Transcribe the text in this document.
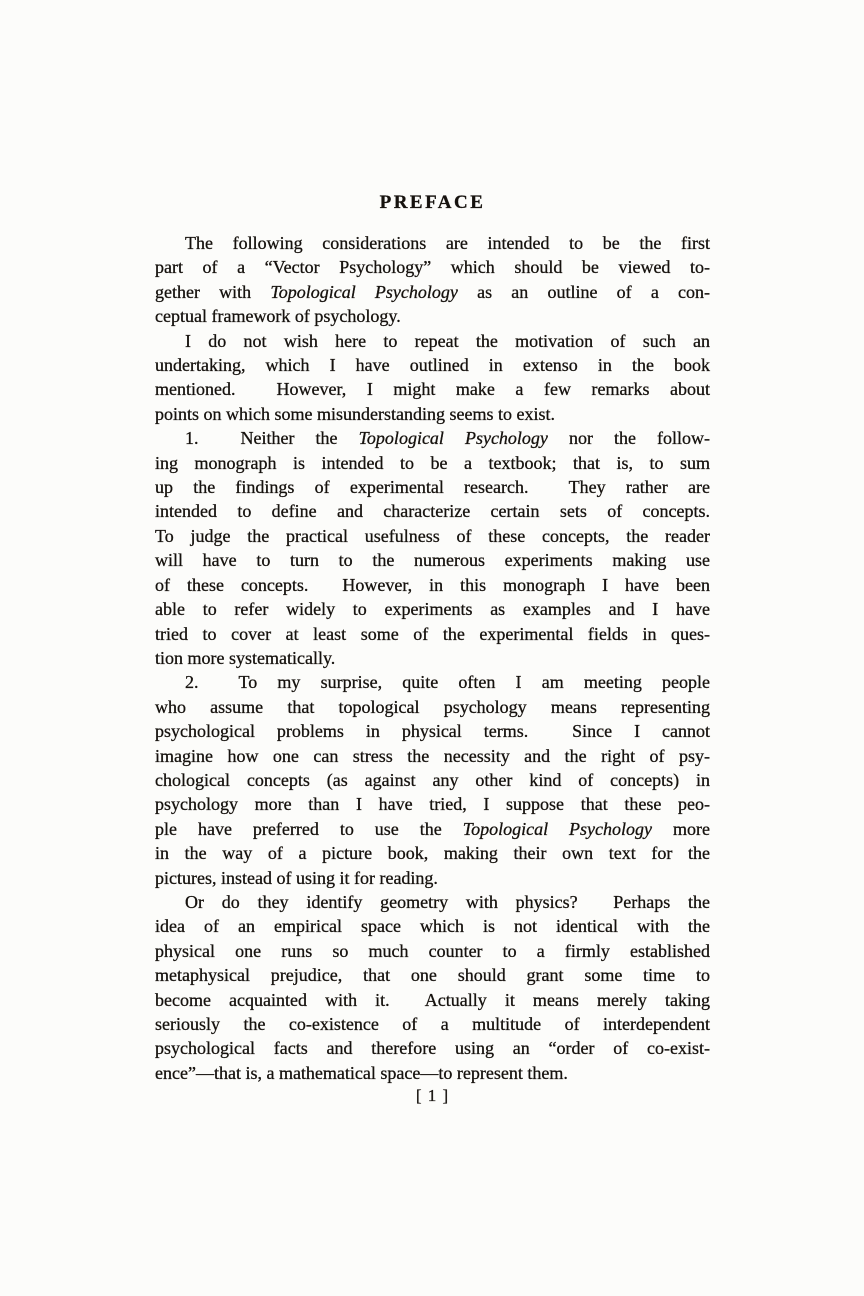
PREFACE
The following considerations are intended to be the first
part of a “Vector Psychology” which should be viewed to-
gether with Topological Psychology as an outline of a con-
ceptual framework of psychology.
I do not wish here to repeat the motivation of such an
undertaking, which I have outlined in extenso in the book
mentioned.  However, I might make a few remarks about
points on which some misunderstanding seems to exist.
1.  Neither the Topological Psychology nor the follow-
ing monograph is intended to be a textbook; that is, to sum
up the findings of experimental research.  They rather are
intended to define and characterize certain sets of concepts.
To judge the practical usefulness of these concepts, the reader
will have to turn to the numerous experiments making use
of these concepts.  However, in this monograph I have been
able to refer widely to experiments as examples and I have
tried to cover at least some of the experimental fields in ques-
tion more systematically.
2.  To my surprise, quite often I am meeting people
who assume that topological psychology means representing
psychological problems in physical terms.  Since I cannot
imagine how one can stress the necessity and the right of psy-
chological concepts (as against any other kind of concepts) in
psychology more than I have tried, I suppose that these peo-
ple have preferred to use the Topological Psychology more
in the way of a picture book, making their own text for the
pictures, instead of using it for reading.
Or do they identify geometry with physics?  Perhaps the
idea of an empirical space which is not identical with the
physical one runs so much counter to a firmly established
metaphysical prejudice, that one should grant some time to
become acquainted with it.  Actually it means merely taking
seriously the co-existence of a multitude of interdependent
psychological facts and therefore using an “order of co-exist-
ence”—that is, a mathematical space—to represent them.
[ 1 ]
